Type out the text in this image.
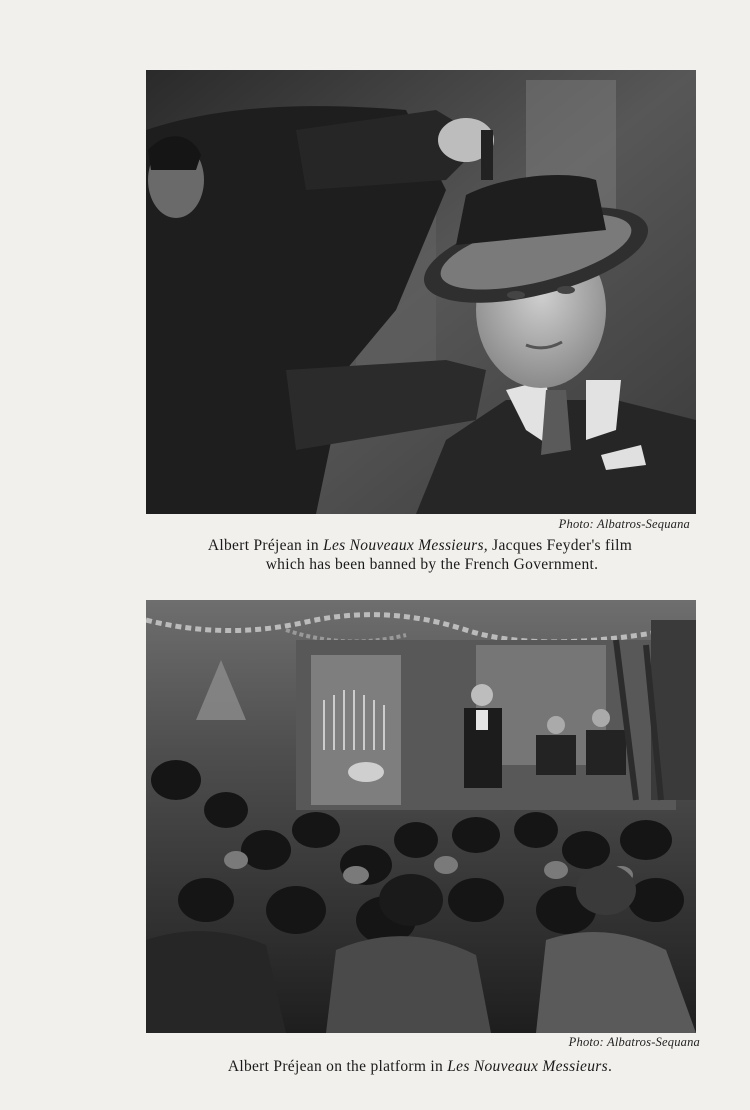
Photo: Albatros-Sequana
Albert Préjean in Les Nouveaux Messieurs, Jacques Feyder's film
which has been banned by the French Government.
Photo: Albatros-Sequana
Albert Préjean on the platform in Les Nouveaux Messieurs.
